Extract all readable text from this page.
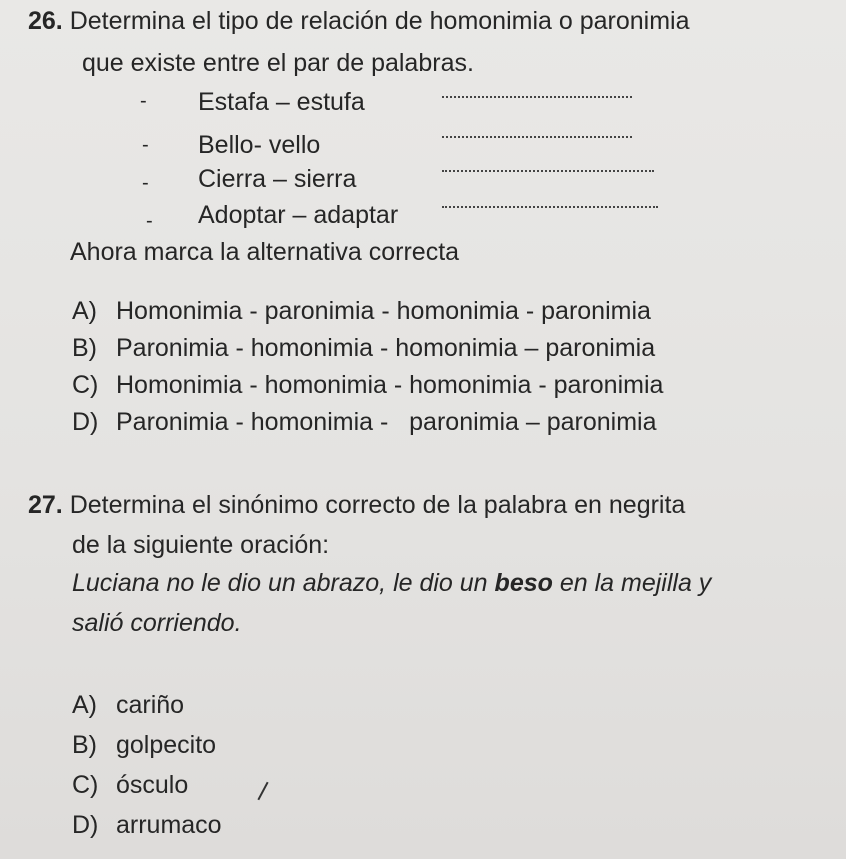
26. Determina el tipo de relación de homonimia o paronimia
que existe entre el par de palabras.
- Estafa – estufa
- Bello- vello
- Cierra – sierra
- Adoptar – adaptar
Ahora marca la alternativa correcta
A) Homonimia - paronimia - homonimia - paronimia
B) Paronimia - homonimia - homonimia – paronimia
C) Homonimia - homonimia - homonimia - paronimia
D) Paronimia - homonimia -   paronimia – paronimia
27. Determina el sinónimo correcto de la palabra en negrita
de la siguiente oración:
Luciana no le dio un abrazo, le dio un beso en la mejilla y
salió corriendo.
A) cariño
B) golpecito
C) ósculo
D) arrumaco
